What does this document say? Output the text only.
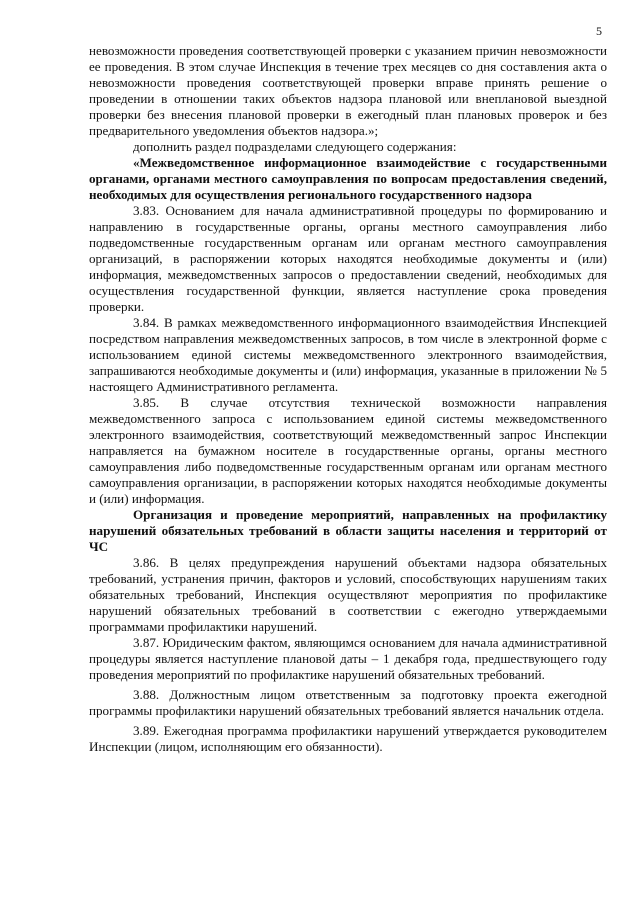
5

невозможности проведения соответствующей проверки с указанием причин невозможности ее проведения. В этом случае Инспекция в течение трех месяцев со дня составления акта о невозможности проведения соответствующей проверки вправе принять решение о проведении в отношении таких объектов надзора плановой или внеплановой выездной проверки без внесения плановой проверки в ежегодный план плановых проверок и без предварительного уведомления объектов надзора.»;

дополнить раздел подразделами следующего содержания:

«Межведомственное информационное взаимодействие с государственными органами, органами местного самоуправления по вопросам предоставления сведений, необходимых для осуществления регионального государственного надзора

3.83. Основанием для начала административной процедуры по формированию и направлению в государственные органы, органы местного самоуправления либо подведомственные государственным органам или органам местного самоуправления организаций, в распоряжении которых находятся необходимые документы и (или) информация, межведомственных запросов о предоставлении сведений, необходимых для осуществления государственной функции, является наступление срока проведения проверки.

3.84. В рамках межведомственного информационного взаимодействия Инспекцией посредством направления межведомственных запросов, в том числе в электронной форме с использованием единой системы межведомственного электронного взаимодействия, запрашиваются необходимые документы и (или) информация, указанные в приложении № 5 настоящего Административного регламента.

3.85. В случае отсутствия технической возможности направления межведомственного запроса с использованием единой системы межведомственного электронного взаимодействия, соответствующий межведомственный запрос Инспекции направляется на бумажном носителе в государственные органы, органы местного самоуправления либо подведомственные государственным органам или органам местного самоуправления организации, в распоряжении которых находятся необходимые документы и (или) информация.

Организация и проведение мероприятий, направленных на профилактику нарушений обязательных требований в области защиты населения и территорий от ЧС

3.86. В целях предупреждения нарушений объектами надзора обязательных требований, устранения причин, факторов и условий, способствующих нарушениям таких обязательных требований, Инспекция осуществляют мероприятия по профилактике нарушений обязательных требований в соответствии с ежегодно утверждаемыми программами профилактики нарушений.

3.87. Юридическим фактом, являющимся основанием для начала административной процедуры является наступление плановой даты – 1 декабря года, предшествующего году проведения мероприятий по профилактике нарушений обязательных требований.

3.88. Должностным лицом ответственным за подготовку проекта ежегодной программы профилактики нарушений обязательных требований является начальник отдела.

3.89. Ежегодная программа профилактики нарушений утверждается руководителем Инспекции (лицом, исполняющим его обязанности).
